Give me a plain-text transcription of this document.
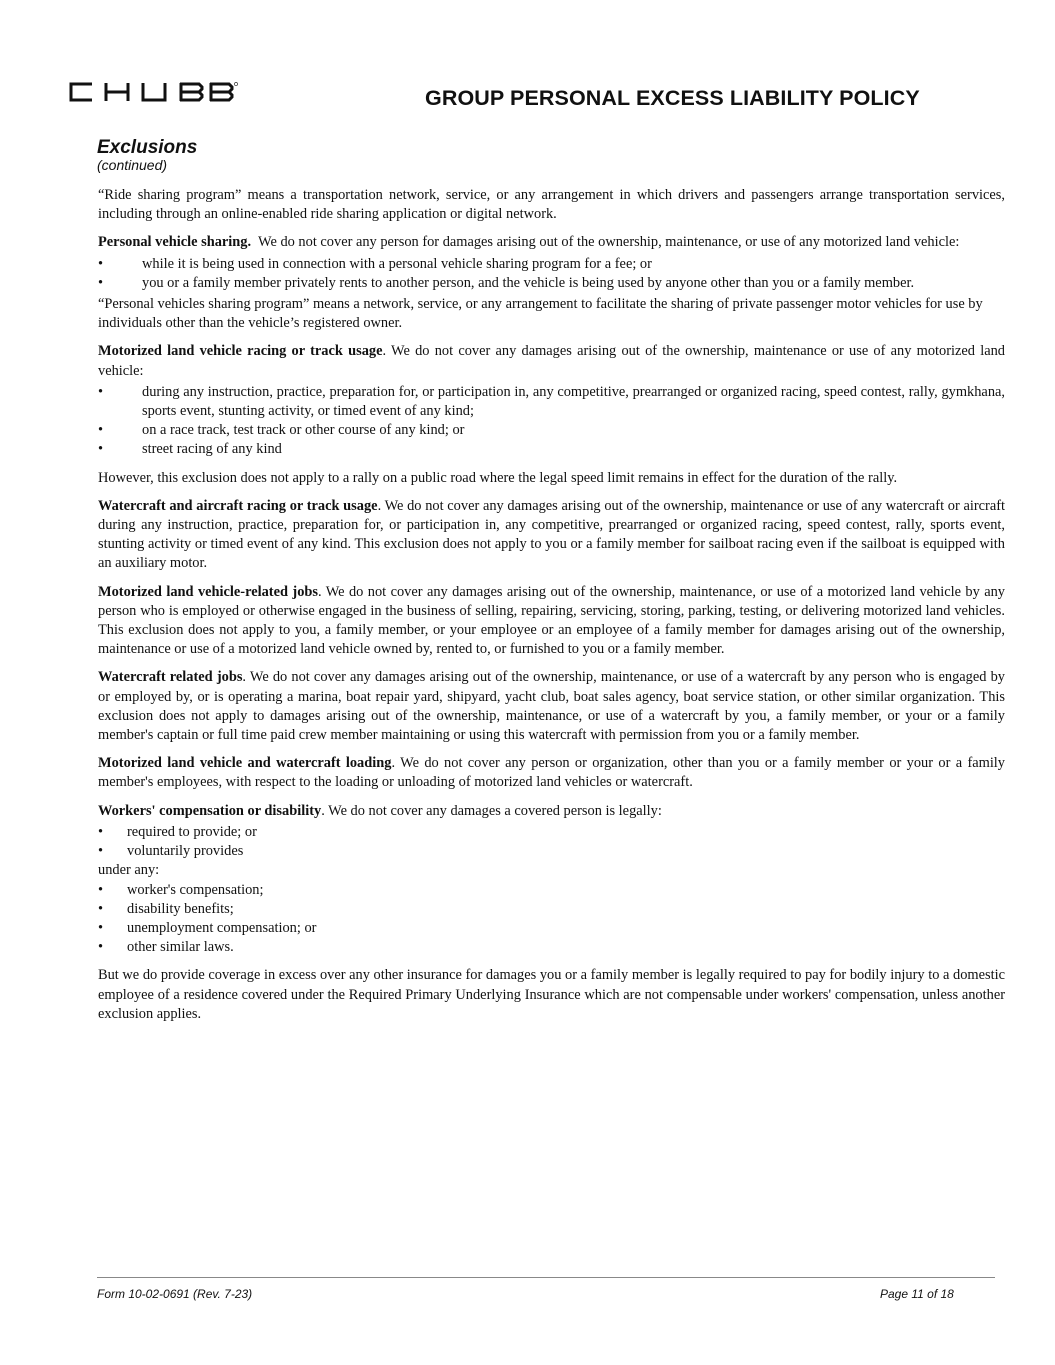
GROUP PERSONAL EXCESS LIABILITY POLICY
Exclusions
(continued)

“Ride sharing program” means a transportation network, service, or any arrangement in which drivers and passengers arrange transportation services, including through an online-enabled ride sharing application or digital network.

Personal vehicle sharing. We do not cover any person for damages arising out of the ownership, maintenance, or use of any motorized land vehicle:

• while it is being used in connection with a personal vehicle sharing program for a fee; or
• you or a family member privately rents to another person, and the vehicle is being used by anyone other than you or a family member.

“Personal vehicles sharing program” means a network, service, or any arrangement to facilitate the sharing of private passenger motor vehicles for use by individuals other than the vehicle’s registered owner.

Motorized land vehicle racing or track usage. We do not cover any damages arising out of the ownership, maintenance or use of any motorized land vehicle:

• during any instruction, practice, preparation for, or participation in, any competitive, prearranged or organized racing, speed contest, rally, gymkhana, sports event, stunting activity, or timed event of any kind;
• on a race track, test track or other course of any kind; or
• street racing of any kind

However, this exclusion does not apply to a rally on a public road where the legal speed limit remains in effect for the duration of the rally.

Watercraft and aircraft racing or track usage. We do not cover any damages arising out of the ownership, maintenance or use of any watercraft or aircraft during any instruction, practice, preparation for, or participation in, any competitive, prearranged or organized racing, speed contest, rally, sports event, stunting activity or timed event of any kind. This exclusion does not apply to you or a family member for sailboat racing even if the sailboat is equipped with an auxiliary motor.

Motorized land vehicle-related jobs. We do not cover any damages arising out of the ownership, maintenance, or use of a motorized land vehicle by any person who is employed or otherwise engaged in the business of selling, repairing, servicing, storing, parking, testing, or delivering motorized land vehicles. This exclusion does not apply to you, a family member, or your employee or an employee of a family member for damages arising out of the ownership, maintenance or use of a motorized land vehicle owned by, rented to, or furnished to you or a family member.

Watercraft related jobs. We do not cover any damages arising out of the ownership, maintenance, or use of a watercraft by any person who is engaged by or employed by, or is operating a marina, boat repair yard, shipyard, yacht club, boat sales agency, boat service station, or other similar organization. This exclusion does not apply to damages arising out of the ownership, maintenance, or use of a watercraft by you, a family member, or your or a family member's captain or full time paid crew member maintaining or using this watercraft with permission from you or a family member.

Motorized land vehicle and watercraft loading. We do not cover any person or organization, other than you or a family member or your or a family member's employees, with respect to the loading or unloading of motorized land vehicles or watercraft.

Workers' compensation or disability. We do not cover any damages a covered person is legally:

• required to provide; or
• voluntarily provides
under any:
• worker's compensation;
• disability benefits;
• unemployment compensation; or
• other similar laws.

But we do provide coverage in excess over any other insurance for damages you or a family member is legally required to pay for bodily injury to a domestic employee of a residence covered under the Required Primary Underlying Insurance which are not compensable under workers' compensation, unless another exclusion applies.

Form 10-02-0691 (Rev. 7-23)	Page 11 of 18
